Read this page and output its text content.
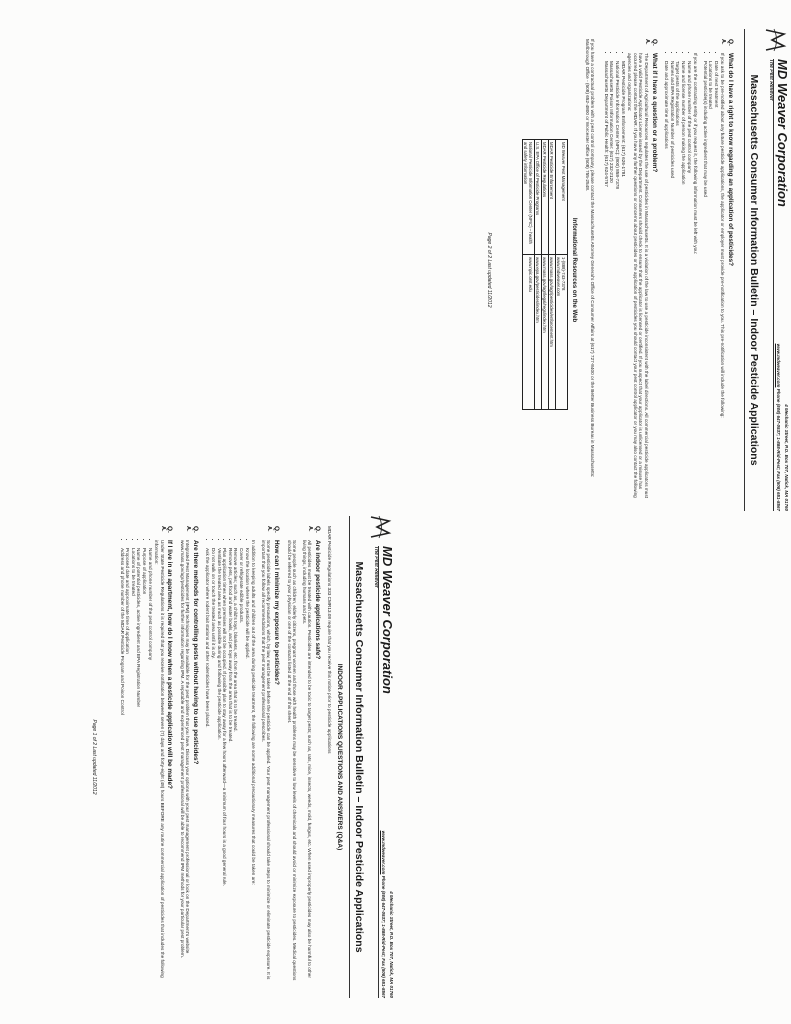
MD Weaver Corporation
The Pest Reliever
4 Mechanic Street, P.O. Box 707, Natick, MA 01760
www.mdweaver.com Phone (508) 647-0537; 1-888-Rid-Pest; Fax (508) 651-8567
Massachusetts Consumer Information Bulletin – Indoor Pesticide Applications
INDOOR APPLICATIONS QUESTIONS AND ANSWERS (Q&A)
MDAR Pesticide Regulations 333 CMR13.08 require that you receive this notice prior to pesticide applications
Q.
Are indoor pesticide applications safe?
A.
All pesticides must be treated with caution. Pesticides are intended to be toxic to target pests; such as, rats, mice, insects, weeds, mold, fungus, etc. When used improperly pesticides may also be harmful to other living things, including humans and pets.
Some people such as children, elderly citizens, pregnant women and those with health problems may be sensitive to low levels of chemicals and should avoid or minimize exposure to pesticides. Medical questions should be referred to your physician or one of the contacts listed at the end of this sheet.
Q.
How can I minimize my exposure to pesticides?
A.
Some pesticide labels specify precautions, which, by law, must be taken before the pesticide can be applied. Your pest management professional should take steps to minimize or eliminate pesticide exposure. It is important that you follow all recommendations that the pest management professional prescribes.
In addition to keeping adults and children out of the area during pesticide treatment, the following are some additional precautionary measures that could be taken are:
• Know the location where the pesticide will be applied.
• Cover or refrigerate edible products.
• Remove articles; such as, a child's toys, blankets, etc. from the area that is to be treated.
• Remove pets, pet food and water bowls, and pet toys away from the area that is to be treated.
• Plan application times when premises will not be occupied. If possible plan to stay away for a few hours afterward—a minimum of four hours is a good general rule.
• Ventilate the treated area as much as possible during and following the pesticide application.
• Do not walk on or touch the treated area until it is dry.
• Ask the applicator where rodent bait stations and other rodenticides have been placed.
Q.
Are there methods for controlling pests without having to use pesticides?
A.
Integrated Pest Management (IPM) techniques may be available for the pest problem that you have. Discuss your options with your pest management professional or look on the Department's website www.mass.gov/agr/pesticides for further information regarding IPM. A reputable and experienced pest management professional will be able to recommend IPM methods for your particular pest problem.
Q.
If I live in an apartment, how do I know when a pesticide application will be made?
A.
Under State Pesticide Regulations it is required that you receive notification between seven (7) days and forty-eight (48) hours BEFORE any routine commercial application of pesticides that includes the following information:
• Name and phone number of the pest control company
• Purpose of application
• Name of potential pesticides, active ingredient and EPA Registration Number
• Locations to be treated
• Proposed date and approximate time of application
• Address and phone number of the MDAR Pesticide Program and Poison Control
Page 1 of 2 Last updated 11/2012
MD Weaver Corporation
The Pest Reliever
4 Mechanic Street, P.O. Box 707, Natick, MA 01760
www.mdweaver.com Phone (508) 647-0537; 1-888-Rid-Pest; Fax (508) 651-8567
Massachusetts Consumer Information Bulletin – Indoor Pesticide Applications
Q.
What do I have a right to know regarding an application of pesticides?
A.
If you ask to be pre-notified about any future pesticide applications, the applicator or employer must provide pre-notification to you. This pre-notification will include the following:
• Date of next treatment
• Locations to be treated
• Potential pesticide(s) including active ingredient that may be used
If you are the contracting entity or if you request it, the following information must be left with you:
• Name and phone number of the pest control company
• Name and license number of person making the application
• Target pests of the applications
• Names and EPA Registration Number of pesticides used
• Date and approximate time of applications
Q.
What if I have a question or a problem?
A.
The Department of Agricultural Resources regulates the use of pesticides in Massachusetts. It is a violation of the law to use a pesticide inconsistent with the label directions. All commercial pesticide applicators must have a valid Pesticide Applicator License issued by the Department. Consumers should check to ensure that the applicator is licensed or certified. If you suspect that your applicator is unlicensed or a misuse has occurred please contact the MDAR. If you have any further questions or concerns about pesticides or the application of pesticides you should contact your pest control applicator or you may also contact the following agencies and organizations:
• MDAR Pesticide Program Enforcement: (617) 626-1781
• National Pesticide Information Center (NPIC): (800) 858-7378
• Massachusetts Poison Information Center: (617) 232-2120
• Massachusetts Department of Public Health: (617) 624-5757
If you have a contractual problem with a pest control company, please contact the Massachusetts Attorney General's Office of Consumer Affairs at (617) 727-8400 or the Better Business Bureau in Massachusetts: Marlborough Office - (508) 652-4800 or Worcester Office (508) 755-2548.
Informational Resources on the Web
MD Weaver Pest Management	1-(888)-743-7378
www.mdweaver.com
MDAR Pesticide Enforcement	www.mass.gov/agr/pesticides/enforcement.htm
MDAR Pesticide Regulations	www.mass.gov/agr/legal/regs/index.htm
U.S. EPA Office of Pesticide Programs	www.epa.gov/pesticides/index.htm
National Pesticide Information Center (NPIC) – health and safety information	www.npic.orst.edu
Page 2 of 2 Last updated 11/2012
